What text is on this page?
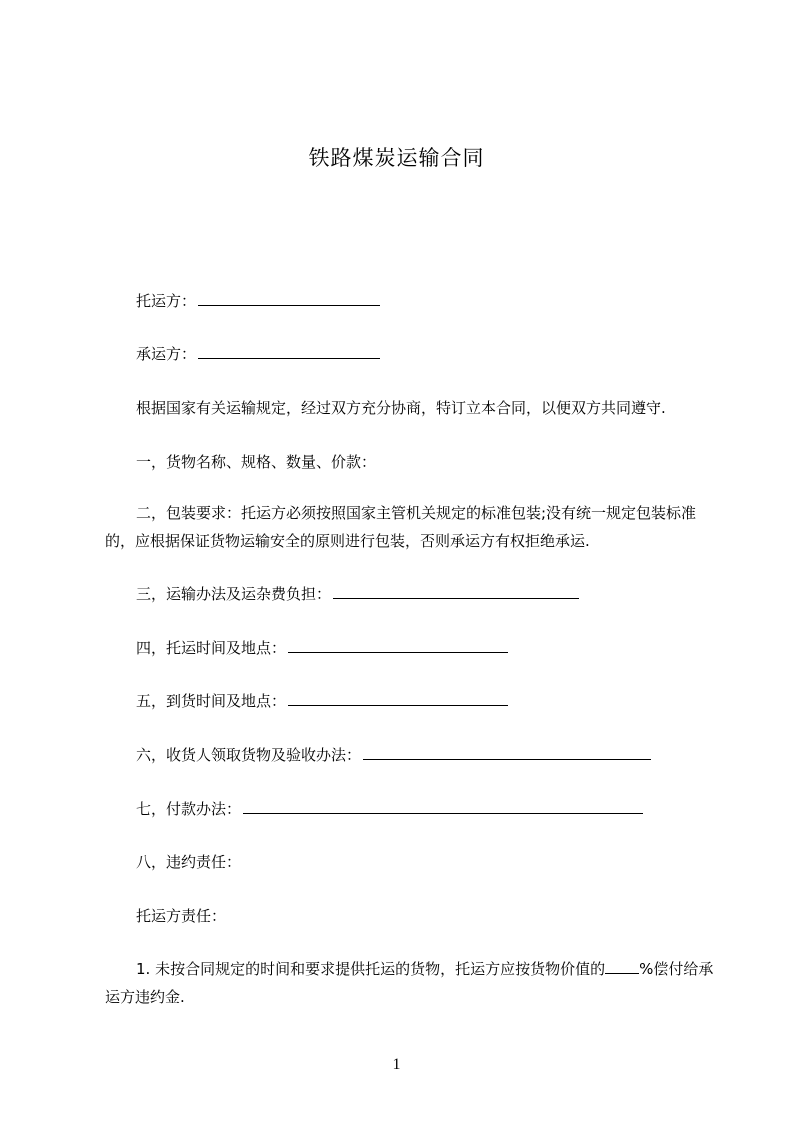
铁路煤炭运输合同
托运方：
承运方：
根据国家有关运输规定，经过双方充分协商，特订立本合同，以便双方共同遵守.
一，货物名称、规格、数量、价款：
二，包装要求：托运方必须按照国家主管机关规定的标准包装;没有统一规定包装标准的，应根据保证货物运输安全的原则进行包装，否则承运方有权拒绝承运.
三，运输办法及运杂费负担：
四，托运时间及地点：
五，到货时间及地点：
六，收货人领取货物及验收办法：
七，付款办法：
八，违约责任：
托运方责任：
1. 未按合同规定的时间和要求提供托运的货物，托运方应按货物价值的 %偿付给承运方违约金.
1
